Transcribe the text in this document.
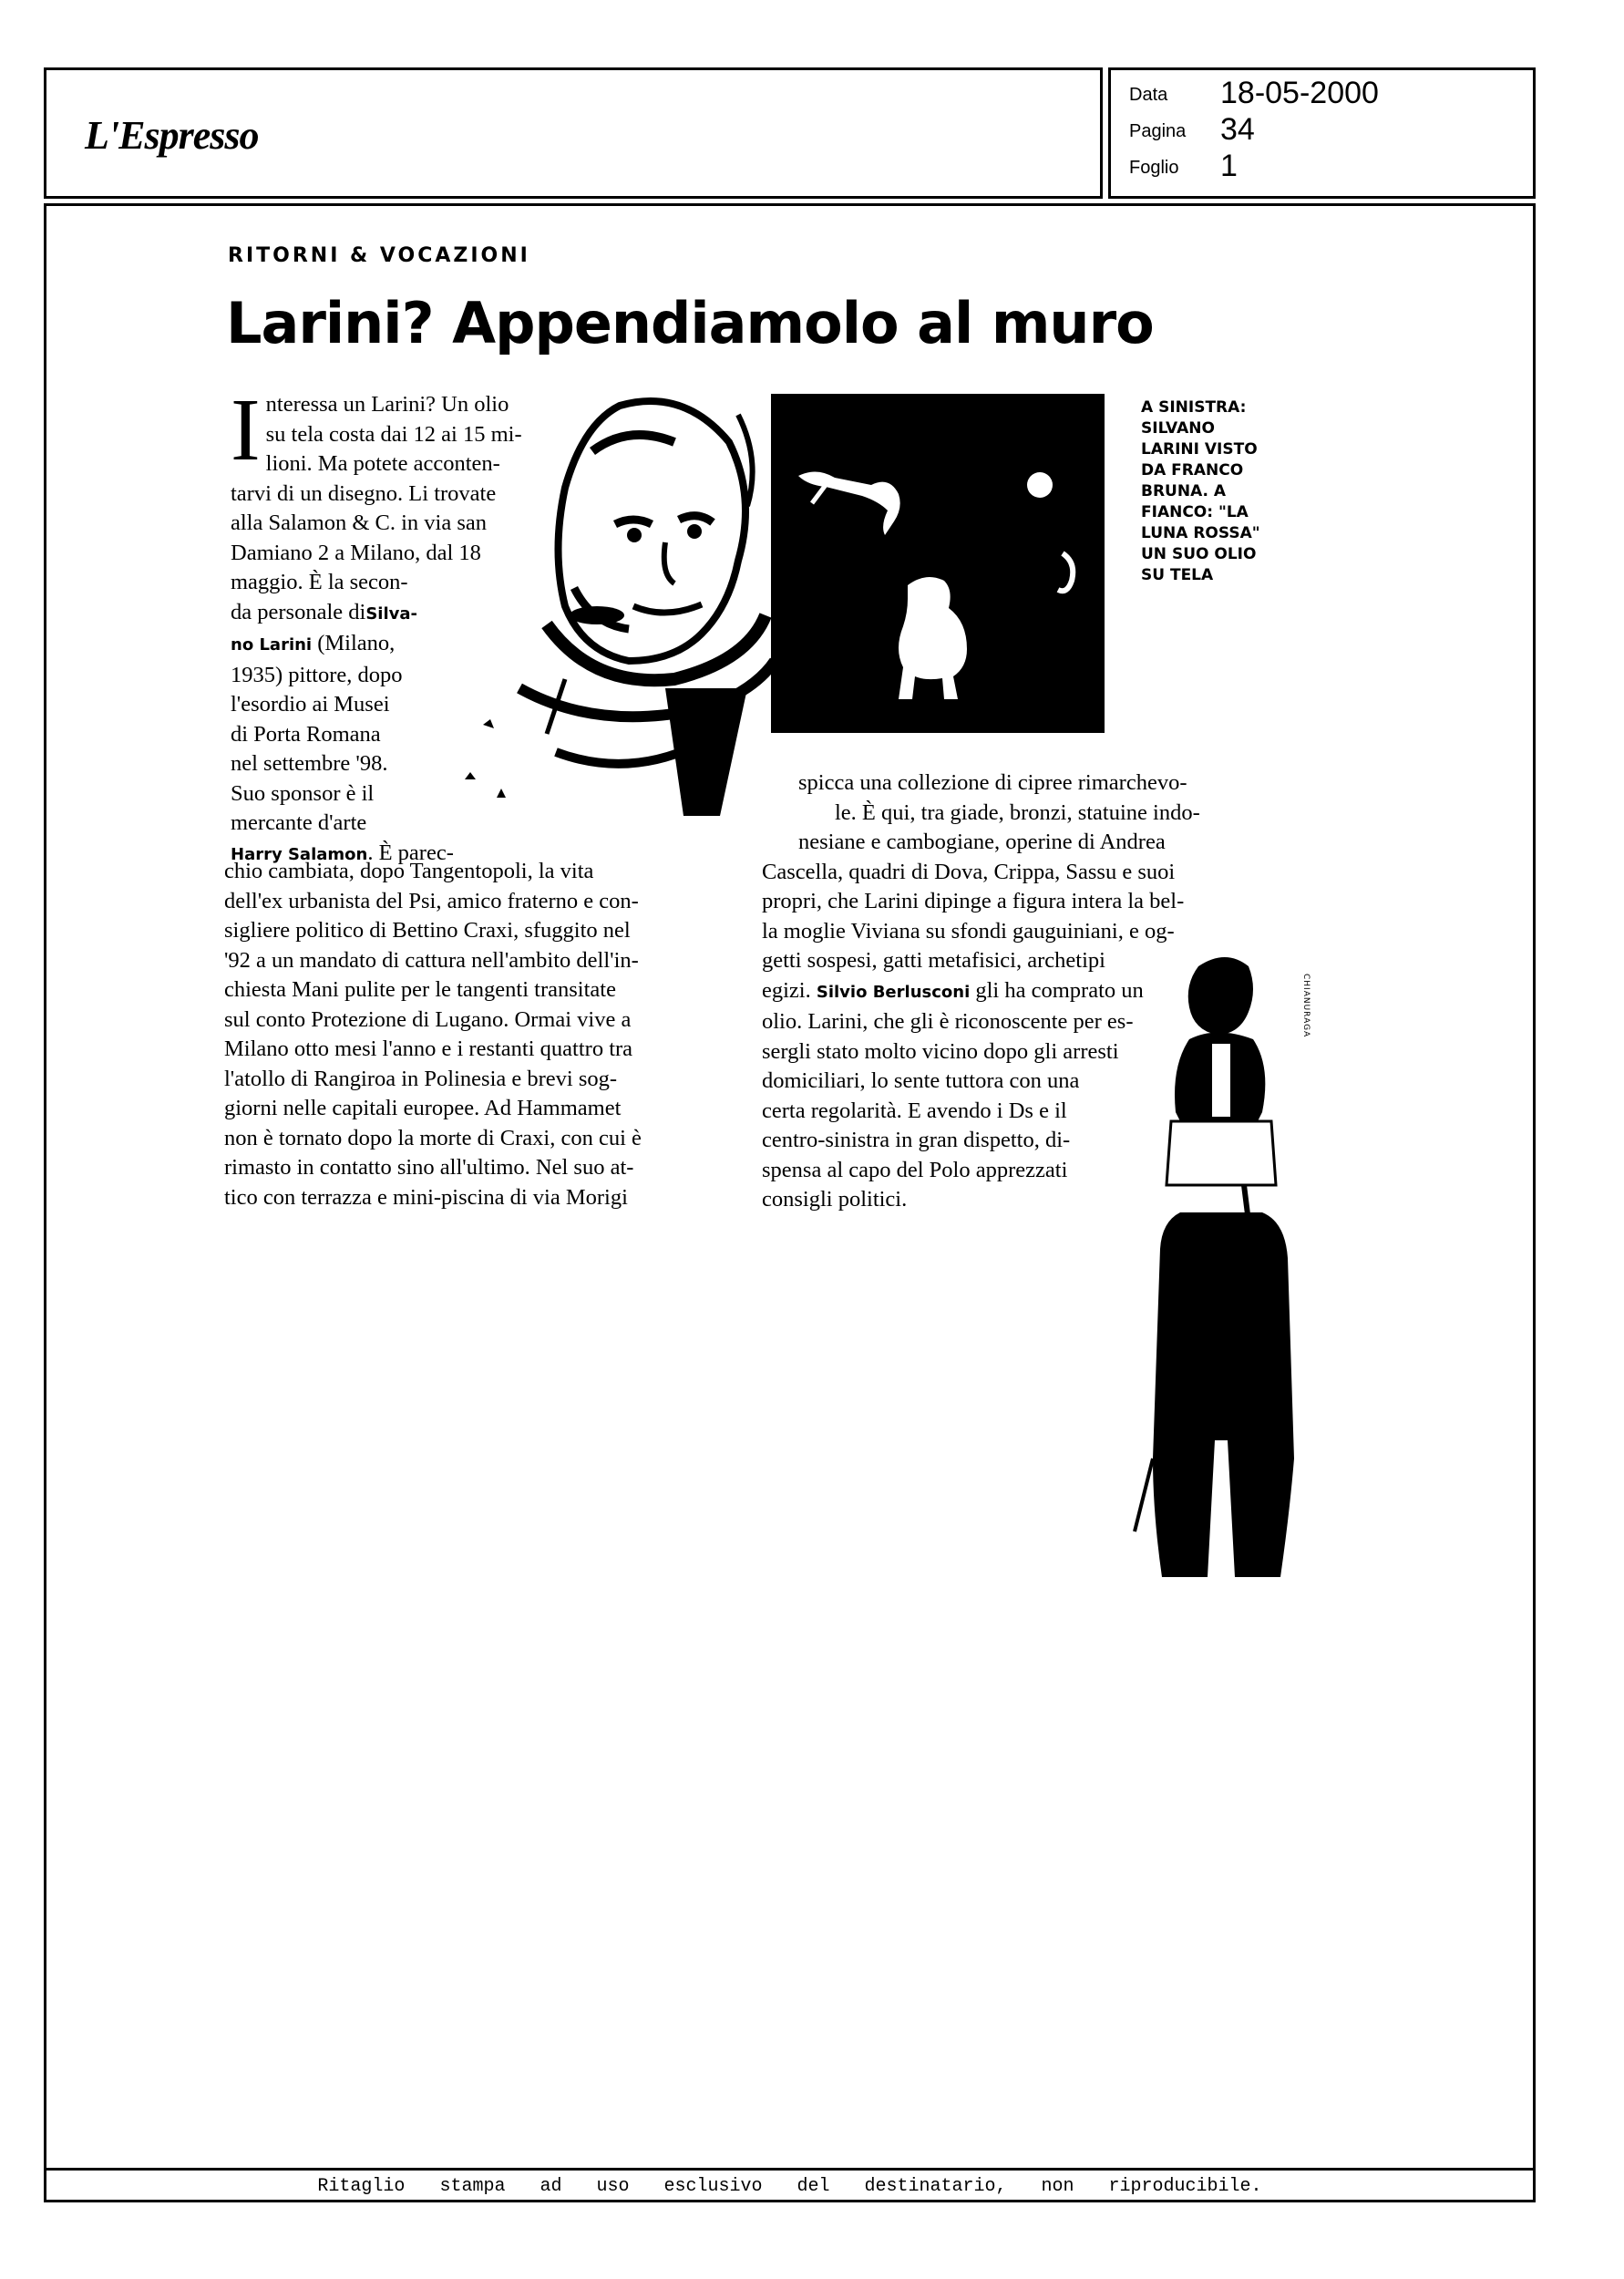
L'Espresso
Data 18-05-2000
Pagina 34
Foglio 1
RITORNI & VOCAZIONI
Larini? Appendiamolo al muro
A SINISTRA:
SILVANO
LARINI VISTO
DA FRANCO
BRUNA. A
FIANCO: "LA
LUNA ROSSA"
UN SUO OLIO
SU TELA
I nteressa un Larini? Un olio

su tela costa dai 12 ai 15 mi-

lioni. Ma potete acconten-

tarvi di un disegno. Li trovate

alla Salamon & C. in via san

Damiano 2 a Milano, dal 18

maggio. È la secon-

da personale diSilva-

no Larini (Milano,

1935) pittore, dopo

l'esordio ai Musei

di Porta Romana

nel settembre '98.

Suo sponsor è il

mercante d'arte

Harry Salamon. È parec-

chio cambiata, dopo Tangentopoli, la vita

dell'ex urbanista del Psi, amico fraterno e con-

sigliere politico di Bettino Craxi, sfuggito nel

'92 a un mandato di cattura nell'ambito dell'in-

chiesta Mani pulite per le tangenti transitate

sul conto Protezione di Lugano. Ormai vive a

Milano otto mesi l'anno e i restanti quattro tra

l'atollo di Rangiroa in Polinesia e brevi sog-

giorni nelle capitali europee. Ad Hammamet

non è tornato dopo la morte di Craxi, con cui è

rimasto in contatto sino all'ultimo. Nel suo at-

tico con terrazza e mini-piscina di via Morigi

spicca una collezione di cipree rimarchevo-

le. È qui, tra giade, bronzi, statuine indo-

nesiane e cambogiane, operine di Andrea

Cascella, quadri di Dova, Crippa, Sassu e suoi

propri, che Larini dipinge a figura intera la bel-

la moglie Viviana su sfondi gauguiniani, e og-

getti sospesi, gatti metafisici, archetipi

egizi. Silvio Berlusconi gli ha comprato un

olio. Larini, che gli è riconoscente per es-

sergli stato molto vicino dopo gli arresti

domiciliari, lo sente tuttora con una

certa regolarità. E avendo i Ds e il

centro-sinistra in gran dispetto, di-

spensa al capo del Polo apprezzati

consigli politici.

CHIANURAGA
Ritaglio stampa ad uso esclusivo del destinatario, non riproducibile.
